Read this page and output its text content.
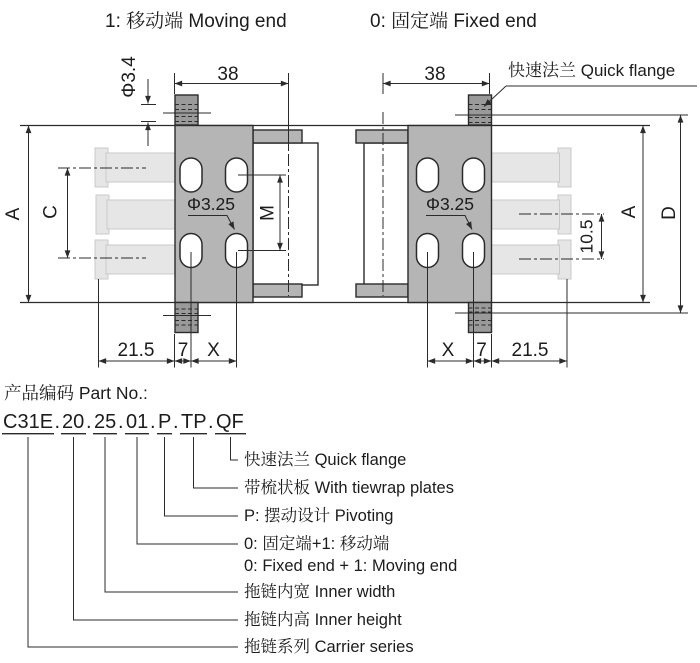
1: 移动端 Moving end	0: 固定端 Fixed end
38
Φ3.4
A C	M
Φ3.25
21.5 7 X
38	快速法兰 Quick flange
Φ3.25
10.5
A D
X 7 21.5
产品编码 Part No.:
C31E . 20 . 25 . 01 . P . TP . QF
快速法兰 Quick flange
带梳状板 With tiewrap plates
P: 摆动设计 Pivoting
0: 固定端+1: 移动端
0: Fixed end + 1: Moving end
拖链内宽 Inner width
拖链内高 Inner height
拖链系列 Carrier series
